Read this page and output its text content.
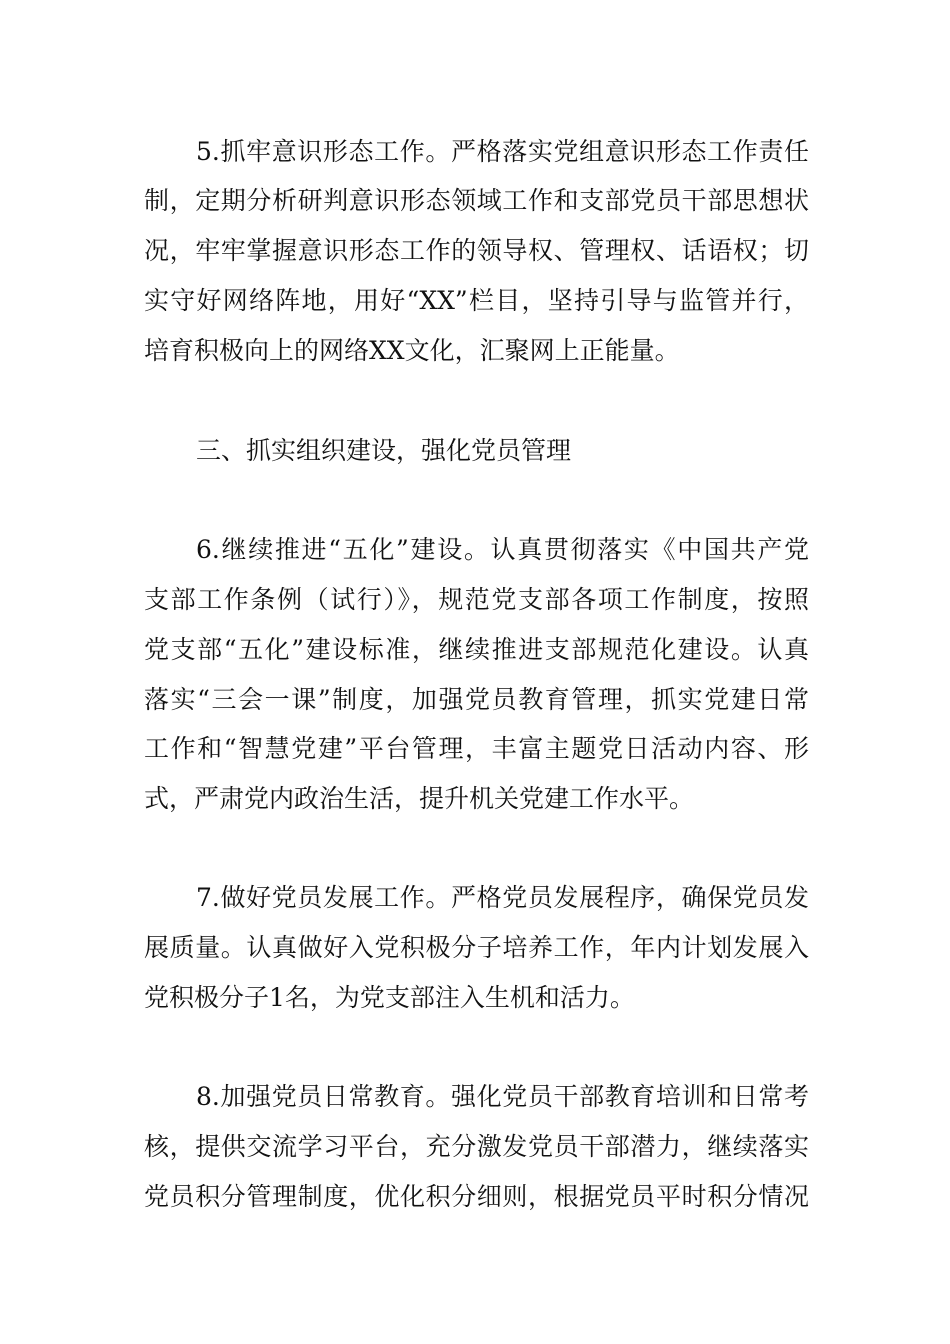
5.抓牢意识形态工作。严格落实党组意识形态工作责任
制，定期分析研判意识形态领域工作和支部党员干部思想状
况，牢牢掌握意识形态工作的领导权、管理权、话语权；切
实守好网络阵地，用好“XX”栏目，坚持引导与监管并行，
培育积极向上的网络XX文化，汇聚网上正能量。
三、抓实组织建设，强化党员管理
6.继续推进“五化”建设。认真贯彻落实《中国共产党
支部工作条例（试行）》，规范党支部各项工作制度，按照
党支部“五化”建设标准，继续推进支部规范化建设。认真
落实“三会一课”制度，加强党员教育管理，抓实党建日常
工作和“智慧党建”平台管理，丰富主题党日活动内容、形
式，严肃党内政治生活，提升机关党建工作水平。
7.做好党员发展工作。严格党员发展程序，确保党员发
展质量。认真做好入党积极分子培养工作，年内计划发展入
党积极分子1名，为党支部注入生机和活力。
8.加强党员日常教育。强化党员干部教育培训和日常考
核，提供交流学习平台，充分激发党员干部潜力，继续落实
党员积分管理制度，优化积分细则，根据党员平时积分情况
